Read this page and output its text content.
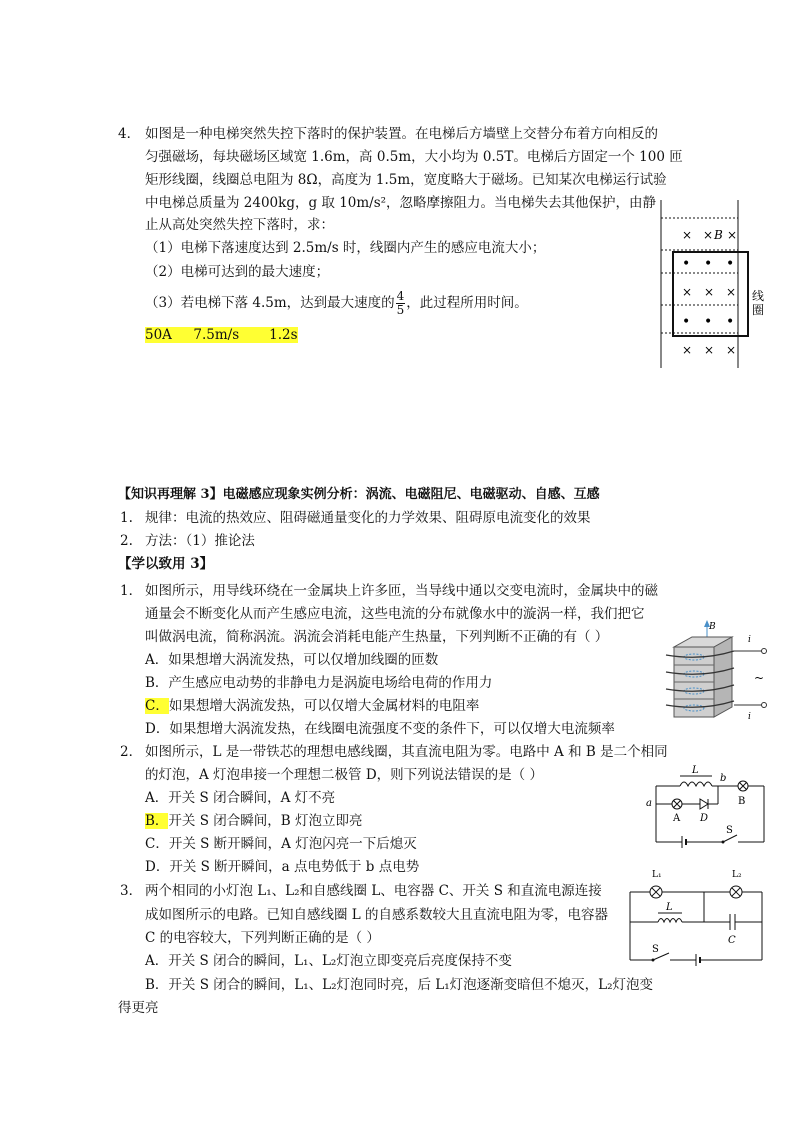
4． 如图是一种电梯突然失控下落时的保护装置。在电梯后方墙壁上交替分布着方向相反的
匀强磁场，每块磁场区域宽 1.6m，高 0.5m，大小均为 0.5T。电梯后方固定一个 100 匝
矩形线圈，线圈总电阻为 8Ω，高度为 1.5m，宽度略大于磁场。已知某次电梯运行试验
中电梯总质量为 2400kg，g 取 10m/s²，忽略摩擦阻力。当电梯失去其他保护，由静
止从高处突然失控下落时，求：
（1）电梯下落速度达到 2.5m/s 时，线圈内产生的感应电流大小；
（2）电梯可达到的最大速度；
（3）若电梯下落 4.5m，达到最大速度的 $\frac{4}{5}$ ，此过程所用时间。
50A     7.5m/s       1.2s
× × B ×
• • •
× × ×
• • •
× × ×
线
圈
【知识再理解 3】电磁感应现象实例分析：涡流、电磁阻尼、电磁驱动、自感、互感
1. 规律：电流的热效应、阻碍磁通量变化的力学效果、阻碍原电流变化的效果
2. 方法：（1）推论法
【学以致用 3】
1． 如图所示，用导线环绕在一金属块上许多匝，当导线中通以交变电流时，金属块中的磁
通量会不断变化从而产生感应电流，这些电流的分布就像水中的漩涡一样，我们把它
叫做涡电流，简称涡流。涡流会消耗电能产生热量，下列判断不正确的有（ ）
A．如果想增大涡流发热，可以仅增加线圈的匝数
B．产生感应电动势的非静电力是涡旋电场给电荷的作用力
C．如果想增大涡流发热，可以仅增大金属材料的电阻率
D．如果想增大涡流发热，在线圈电流强度不变的条件下，可以仅增大电流频率
B
i
i
~
2． 如图所示，L 是一带铁芯的理想电感线圈，其直流电阻为零。电路中 A 和 B 是二个相同
的灯泡，A 灯泡串接一个理想二极管 D，则下列说法错误的是（ ）
A．开关 S 闭合瞬间，A 灯不亮
B．开关 S 闭合瞬间，B 灯泡立即亮
C．开关 S 断开瞬间，A 灯泡闪亮一下后熄灭
D．开关 S 断开瞬间，a 点电势低于 b 点电势
L
b
B
a
A D
S
3． 两个相同的小灯泡 L₁、L₂和自感线圈 L、电容器 C、开关 S 和直流电源连接
成如图所示的电路。已知自感线圈 L 的自感系数较大且直流电阻为零，电容器
C 的电容较大，下列判断正确的是（ ）
A．开关 S 闭合的瞬间，L₁、L₂灯泡立即变亮后亮度保持不变
B．开关 S 闭合的瞬间，L₁、L₂灯泡同时亮，后 L₁灯泡逐渐变暗但不熄灭，L₂灯泡变
得更亮
L₁	L₂
L
C
S
